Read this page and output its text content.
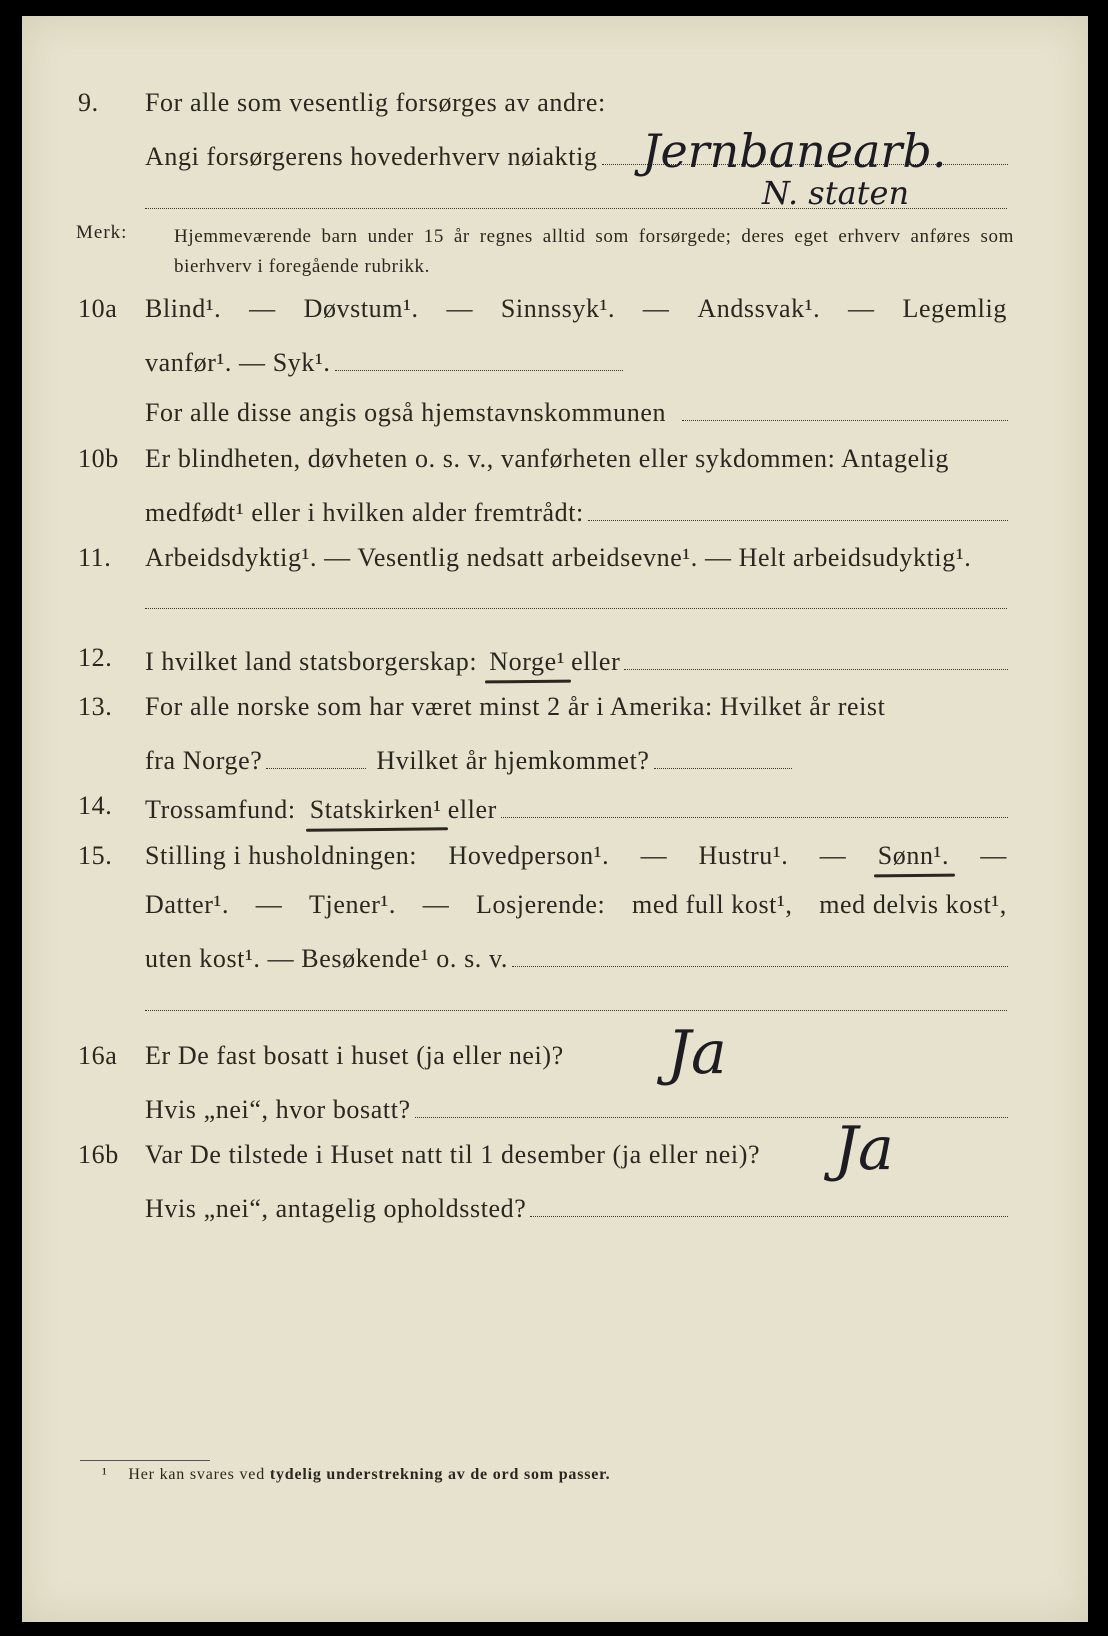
9. For alle som vesentlig forsørges av andre:
Angi forsørgerens hovederhverv nøiaktig Jernbanearb.
N. staten
Merk: Hjemmeværende barn under 15 år regnes alltid som forsørgede; deres eget erhverv anføres som bierhverv i foregående rubrikk.
10a Blind¹. — Døvstum¹. — Sinnssyk¹. — Andssvak¹. — Legemlig
vanfør¹. — Syk¹.
For alle disse angis også hjemstavnskommunen
10b Er blindheten, døvheten o. s. v., vanførheten eller sykdommen: Antagelig
medfødt¹ eller i hvilken alder fremtrådt:
11. Arbeidsdyktig¹. — Vesentlig nedsatt arbeidsevne¹. — Helt arbeidsudyktig¹.
12. I hvilket land statsborgerskap: Norge¹ eller
13. For alle norske som har været minst 2 år i Amerika: Hvilket år reist
fra Norge?	Hvilket år hjemkommet?
14. Trossamfund: Statskirken¹ eller
15. Stilling i husholdningen: Hovedperson¹. — Hustru¹. — Sønn¹. —
Datter¹. — Tjener¹. — Losjerende: med full kost¹, med delvis kost¹,
uten kost¹. — Besøkende¹ o. s. v.
16a Er De fast bosatt i huset (ja eller nei)?
Hvis „nei“, hvor bosatt?
Ja
16b Var De tilstede i Huset natt til 1 desember (ja eller nei)?
Hvis „nei“, antagelig opholdssted?
Ja
¹ Her kan svares ved tydelig understrekning av de ord som passer.
